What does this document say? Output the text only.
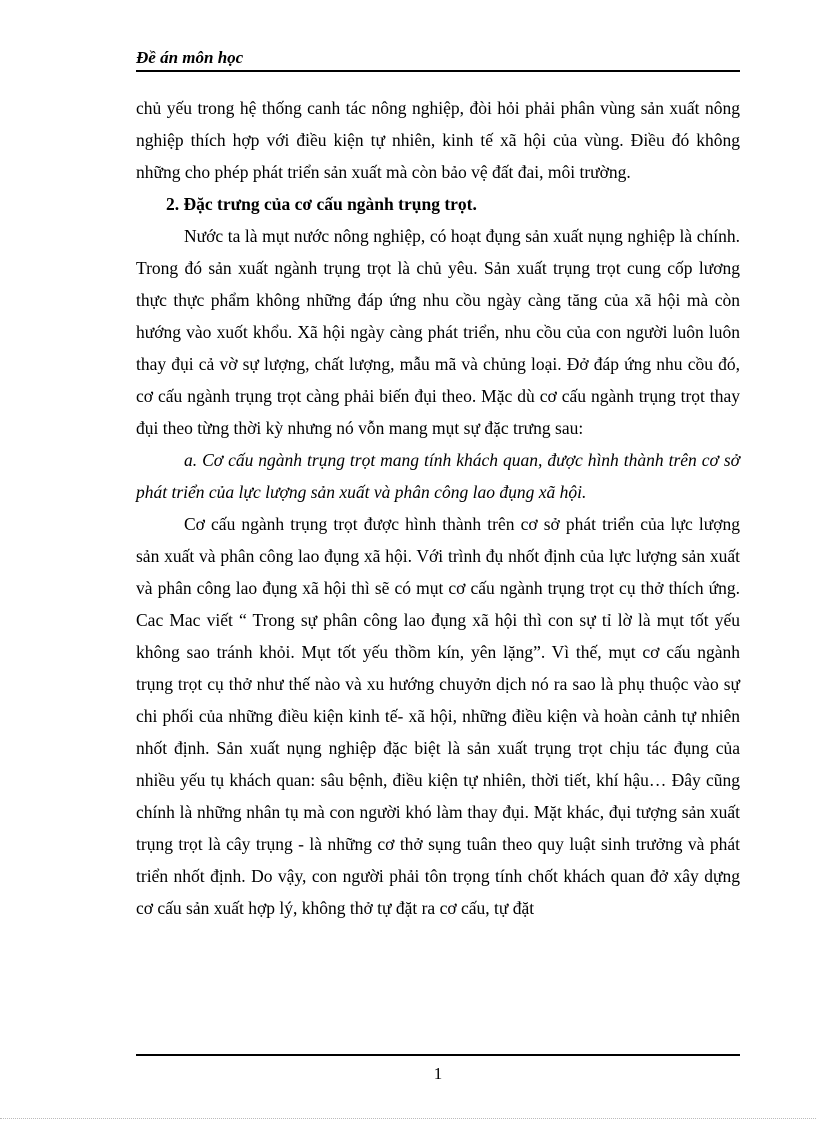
Đề án môn học

chủ yếu trong hệ thống canh tác nông nghiệp, đòi hỏi phải phân vùng sản xuất nông nghiệp thích hợp với điều kiện tự nhiên, kinh tế xã hội của vùng. Điều đó không những cho phép phát triển sản xuất mà còn bảo vệ đất đai, môi trường.

2. Đặc trưng của cơ cấu ngành trụng trọt.

Nước ta là mụt nước nông nghiệp, có hoạt đụng sản xuất nụng nghiệp là chính. Trong đó sản xuất ngành trụng trọt là chủ yêu. Sản xuất trụng trọt cung cốp lương thực thực phẩm không những đáp ứng nhu cồu ngày càng tăng của xã hội mà còn hướng vào xuốt khổu. Xã hội ngày càng phát triển, nhu cồu của con người luôn luôn thay đụi cả vờ sự lượng, chất lượng, mẫu mã và chủng loại. Đở đáp ứng nhu cồu đó, cơ cấu ngành trụng trọt càng phải biến đụi theo. Mặc dù cơ cấu ngành trụng trọt thay đụi theo từng thời kỳ nhưng nó vỗn mang mụt sự đặc trưng sau:

a. Cơ cấu ngành trụng trọt mang tính khách quan, được hình thành trên cơ sở phát triển của lực lượng sản xuất và phân công lao đụng xã hội.

Cơ cấu ngành trụng trọt được hình thành trên cơ sở phát triển của lực lượng sản xuất và phân công lao đụng xã hội. Với trình đụ nhốt định của lực lượng sản xuất và phân công lao đụng xã hội thì sẽ có mụt cơ cấu ngành trụng trọt cụ thở thích ứng. Cac Mac viết “ Trong sự phân công lao đụng xã hội thì con sự tỉ lờ là mụt tốt yếu không sao tránh khỏi. Mụt tốt yếu thồm kín, yên lặng”. Vì thế, mụt cơ cấu ngành trụng trọt cụ thở như thế nào và xu hướng chuyởn dịch nó ra sao là phụ thuộc vào sự chi phối của những điều kiện kinh tế- xã hội, những điều kiện và hoàn cảnh tự nhiên nhốt định. Sản xuất nụng nghiệp đặc biệt là sản xuất trụng trọt chịu tác đụng của nhiều yếu tụ khách quan: sâu bệnh, điều kiện tự nhiên, thời tiết, khí hậu… Đây cũng chính là những nhân tụ mà con người khó làm thay đụi. Mặt khác, đụi tượng sản xuất trụng trọt là cây trụng - là những cơ thở sụng tuân theo quy luật sinh trưởng và phát triển nhốt định. Do vậy, con người phải tôn trọng tính chốt khách quan đở xây dựng cơ cấu sản xuất hợp lý, không thở tự đặt ra cơ cấu, tự đặt

1
